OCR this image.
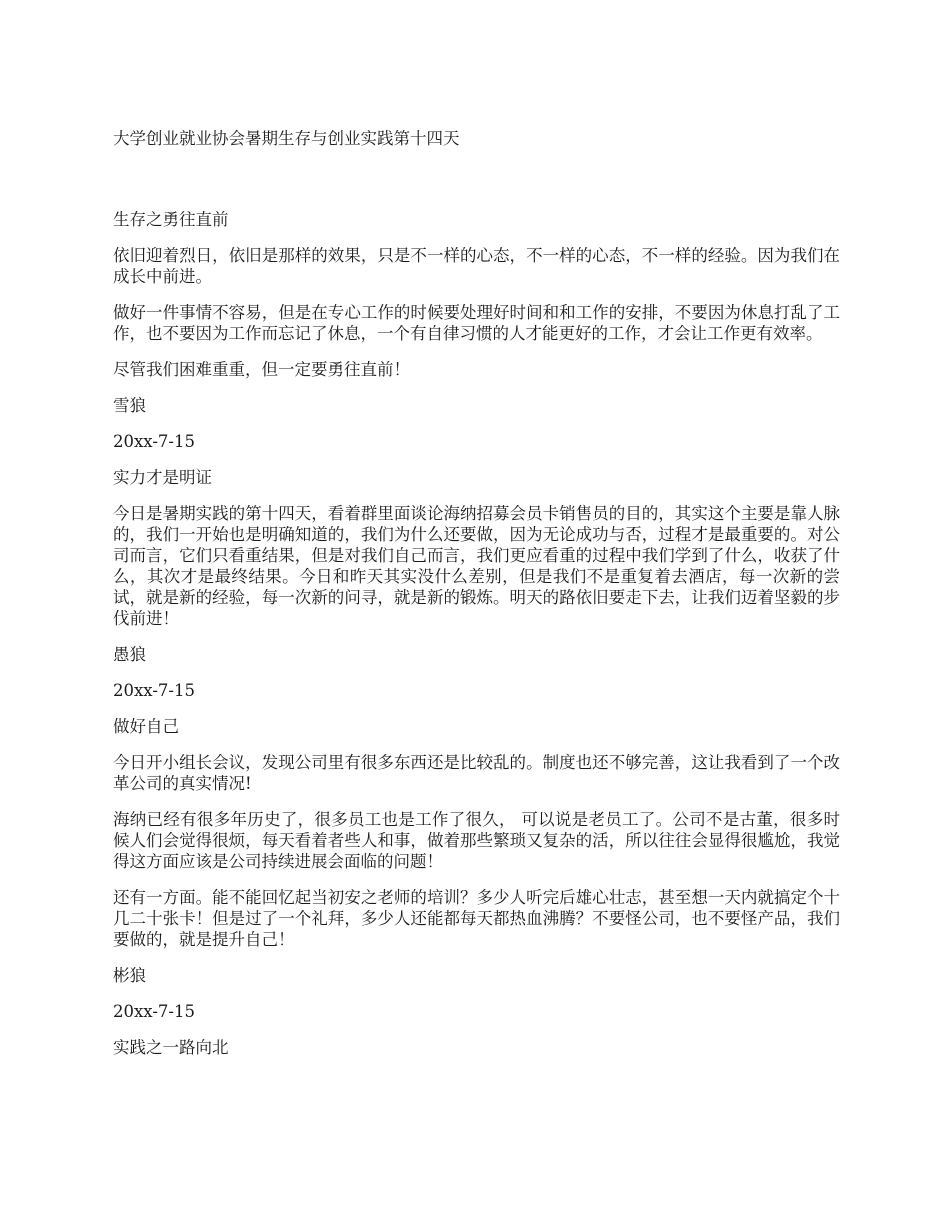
大学创业就业协会暑期生存与创业实践第十四天

生存之勇往直前

依旧迎着烈日，依旧是那样的效果，只是不一样的心态，不一样的心态，不一样的经验。因为我们在成长中前进。

做好一件事情不容易，但是在专心工作的时候要处理好时间和和工作的安排，不要因为休息打乱了工作，也不要因为工作而忘记了休息，一个有自律习惯的人才能更好的工作，才会让工作更有效率。

尽管我们困难重重，但一定要勇往直前！

雪狼

20xx-7-15

实力才是明证

今日是暑期实践的第十四天，看着群里面谈论海纳招募会员卡销售员的目的，其实这个主要是靠人脉的，我们一开始也是明确知道的，我们为什么还要做，因为无论成功与否，过程才是最重要的。对公司而言，它们只看重结果，但是对我们自己而言，我们更应看重的过程中我们学到了什么，收获了什么，其次才是最终结果。今日和昨天其实没什么差别，但是我们不是重复着去酒店，每一次新的尝试，就是新的经验，每一次新的问寻，就是新的锻炼。明天的路依旧要走下去，让我们迈着坚毅的步伐前进！

愚狼

20xx-7-15

做好自己

今日开小组长会议，发现公司里有很多东西还是比较乱的。制度也还不够完善，这让我看到了一个改革公司的真实情况!

海纳已经有很多年历史了，很多员工也是工作了很久， 可以说是老员工了。公司不是古董，很多时候人们会觉得很烦，每天看着者些人和事，做着那些繁琐又复杂的活，所以往往会显得很尴尬，我觉得这方面应该是公司持续进展会面临的问题！

还有一方面。能不能回忆起当初安之老师的培训？多少人听完后雄心壮志，甚至想一天内就搞定个十几二十张卡！但是过了一个礼拜，多少人还能都每天都热血沸腾？不要怪公司，也不要怪产品，我们 要做的，就是提升自己！

彬狼

20xx-7-15

实践之一路向北
